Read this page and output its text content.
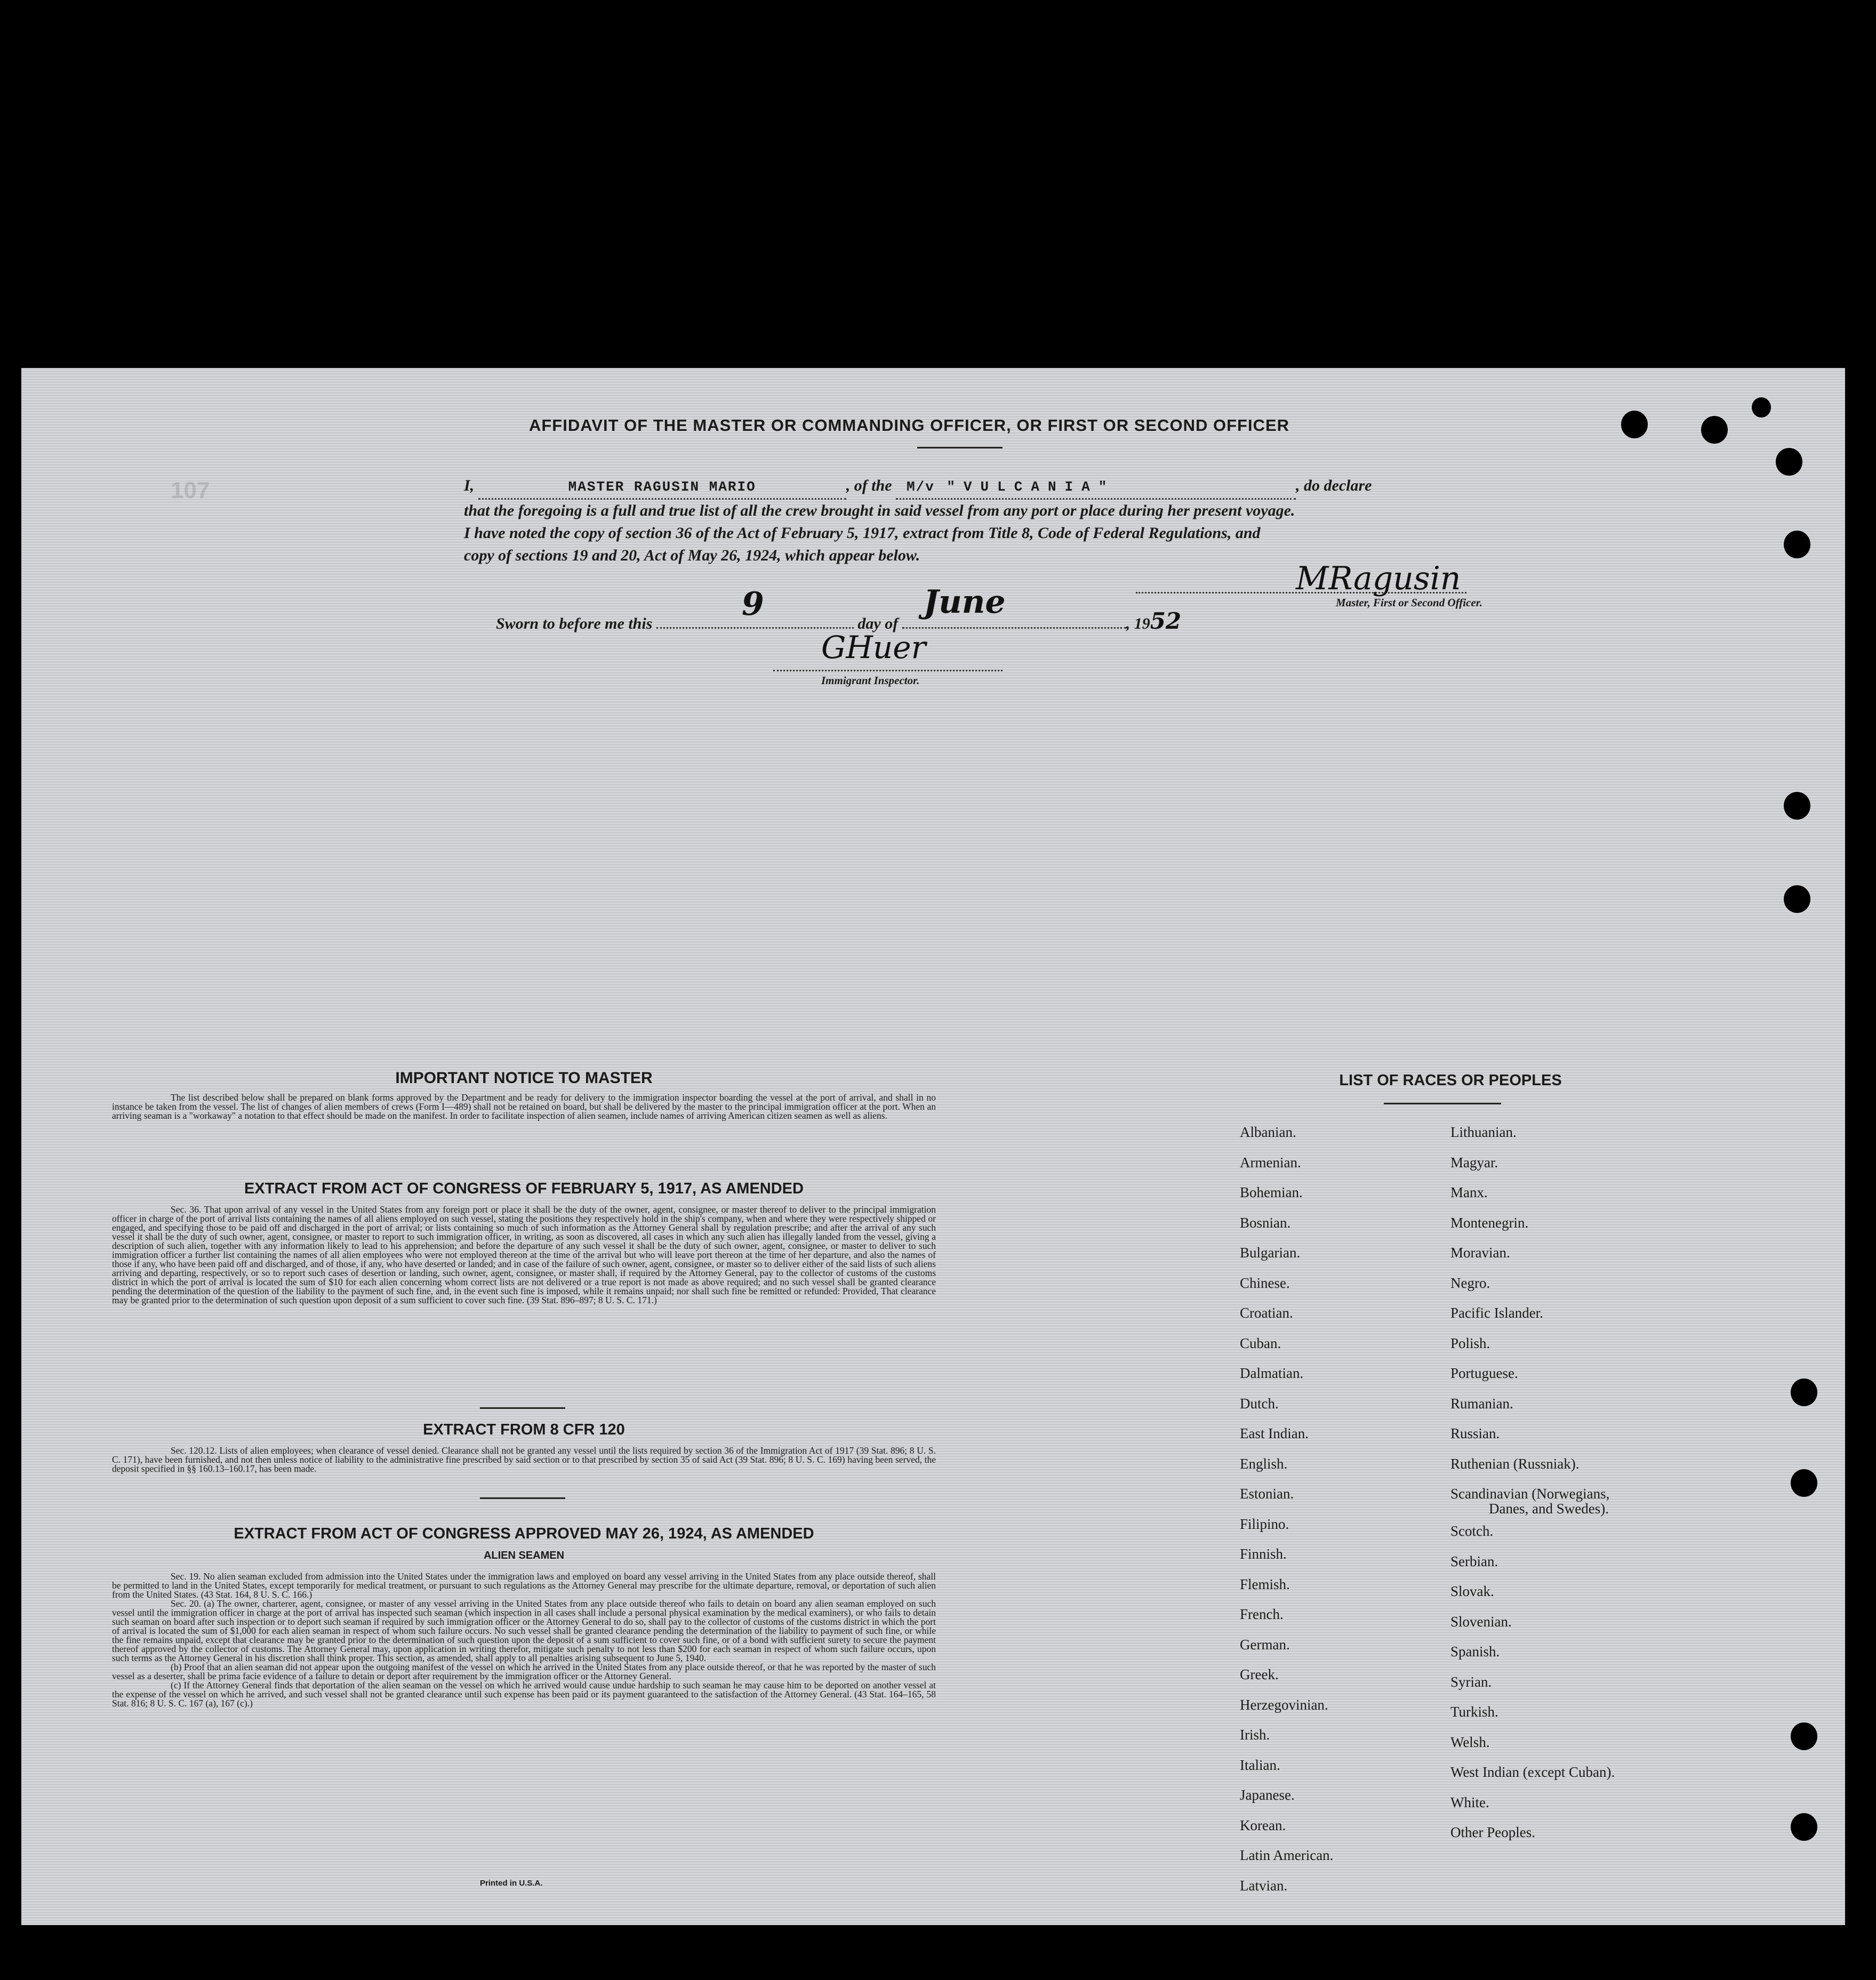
107
AFFIDAVIT OF THE MASTER OR COMMANDING OFFICER, OR FIRST OR SECOND OFFICER
I,	MASTER RAGUSIN MARIO	, of the M/v "VULCANIA"	, do declare
that the foregoing is a full and true list of all the crew brought in said vessel from any port or place during her present voyage.
I have noted the copy of section 36 of the Act of February 5, 1917, extract from Title 8, Code of Federal Regulations, and
copy of sections 19 and 20, Act of May 26, 1924, which appear below.
Sworn to before me this
9
day of
June
, 1952
MRagusin
Master, First or Second Officer.
GHuer
Immigrant Inspector.
IMPORTANT NOTICE TO MASTER
The list described below shall be prepared on blank forms approved by the Department and be ready for delivery to the immigration inspector boarding the vessel at the port of arrival, and shall in no instance be taken from the vessel. The list of changes of alien members of crews (Form I—489) shall not be retained on board, but shall be delivered by the master to the principal immigration officer at the port. When an arriving seaman is a "workaway" a notation to that effect should be made on the manifest. In order to facilitate inspection of alien seamen, include names of arriving American citizen seamen as well as aliens.
EXTRACT FROM ACT OF CONGRESS OF FEBRUARY 5, 1917, AS AMENDED
Sec. 36. That upon arrival of any vessel in the United States from any foreign port or place it shall be the duty of the owner, agent, consignee, or master thereof to deliver to the principal immigration officer in charge of the port of arrival lists containing the names of all aliens employed on such vessel, stating the positions they respectively hold in the ship's company, when and where they were respectively shipped or engaged, and specifying those to be paid off and discharged in the port of arrival; or lists containing so much of such information as the Attorney General shall by regulation prescribe; and after the arrival of any such vessel it shall be the duty of such owner, agent, consignee, or master to report to such immigration officer, in writing, as soon as discovered, all cases in which any such alien has illegally landed from the vessel, giving a description of such alien, together with any information likely to lead to his apprehension; and before the departure of any such vessel it shall be the duty of such owner, agent, consignee, or master to deliver to such immigration officer a further list containing the names of all alien employees who were not employed thereon at the time of the arrival but who will leave port thereon at the time of her departure, and also the names of those if any, who have been paid off and discharged, and of those, if any, who have deserted or landed; and in case of the failure of such owner, agent, consignee, or master so to deliver either of the said lists of such aliens arriving and departing, respectively, or so to report such cases of desertion or landing, such owner, agent, consignee, or master shall, if required by the Attorney General, pay to the collector of customs of the customs district in which the port of arrival is located the sum of $10 for each alien concerning whom correct lists are not delivered or a true report is not made as above required; and no such vessel shall be granted clearance pending the determination of the question of the liability to the payment of such fine, and, in the event such fine is imposed, while it remains unpaid; nor shall such fine be remitted or refunded: Provided, That clearance may be granted prior to the determination of such question upon deposit of a sum sufficient to cover such fine. (39 Stat. 896–897; 8 U. S. C. 171.)
EXTRACT FROM 8 CFR 120
Sec. 120.12. Lists of alien employees; when clearance of vessel denied. Clearance shall not be granted any vessel until the lists required by section 36 of the Immigration Act of 1917 (39 Stat. 896; 8 U. S. C. 171), have been furnished, and not then unless notice of liability to the administrative fine prescribed by said section or to that prescribed by section 35 of said Act (39 Stat. 896; 8 U. S. C. 169) having been served, the deposit specified in §§ 160.13–160.17, has been made.
EXTRACT FROM ACT OF CONGRESS APPROVED MAY 26, 1924, AS AMENDED
ALIEN SEAMEN
Sec. 19. No alien seaman excluded from admission into the United States under the immigration laws and employed on board any vessel arriving in the United States from any place outside thereof, shall be permitted to land in the United States, except temporarily for medical treatment, or pursuant to such regulations as the Attorney General may prescribe for the ultimate departure, removal, or deportation of such alien from the United States. (43 Stat. 164, 8 U. S. C. 166.)
Sec. 20. (a) The owner, charterer, agent, consignee, or master of any vessel arriving in the United States from any place outside thereof who fails to detain on board any alien seaman employed on such vessel until the immigration officer in charge at the port of arrival has inspected such seaman (which inspection in all cases shall include a personal physical examination by the medical examiners), or who fails to detain such seaman on board after such inspection or to deport such seaman if required by such immigration officer or the Attorney General to do so, shall pay to the collector of customs of the customs district in which the port of arrival is located the sum of $1,000 for each alien seaman in respect of whom such failure occurs. No such vessel shall be granted clearance pending the determination of the liability to payment of such fine, or while the fine remains unpaid, except that clearance may be granted prior to the determination of such question upon the deposit of a sum sufficient to cover such fine, or of a bond with sufficient surety to secure the payment thereof approved by the collector of customs. The Attorney General may, upon application in writing therefor, mitigate such penalty to not less than $200 for each seaman in respect of whom such failure occurs, upon such terms as the Attorney General in his discretion shall think proper. This section, as amended, shall apply to all penalties arising subsequent to June 5, 1940.
(b) Proof that an alien seaman did not appear upon the outgoing manifest of the vessel on which he arrived in the United States from any place outside thereof, or that he was reported by the master of such vessel as a deserter, shall be prima facie evidence of a failure to detain or deport after requirement by the immigration officer or the Attorney General.
(c) If the Attorney General finds that deportation of the alien seaman on the vessel on which he arrived would cause undue hardship to such seaman he may cause him to be deported on another vessel at the expense of the vessel on which he arrived, and such vessel shall not be granted clearance until such expense has been paid or its payment guaranteed to the satisfaction of the Attorney General. (43 Stat. 164–165, 58 Stat. 816; 8 U. S. C. 167 (a), 167 (c).)
Printed in U.S.A.
LIST OF RACES OR PEOPLES
Albanian.
Armenian.
Bohemian.
Bosnian.
Bulgarian.
Chinese.
Croatian.
Cuban.
Dalmatian.
Dutch.
East Indian.
English.
Estonian.
Filipino.
Finnish.
Flemish.
French.
German.
Greek.
Herzegovinian.
Irish.
Italian.
Japanese.
Korean.
Latin American.
Latvian.
Lithuanian.
Magyar.
Manx.
Montenegrin.
Moravian.
Negro.
Pacific Islander.
Polish.
Portuguese.
Rumanian.
Russian.
Ruthenian (Russniak).
Scandinavian (Norwegians,
Danes, and Swedes).
Scotch.
Serbian.
Slovak.
Slovenian.
Spanish.
Syrian.
Turkish.
Welsh.
West Indian (except Cuban).
White.
Other Peoples.
